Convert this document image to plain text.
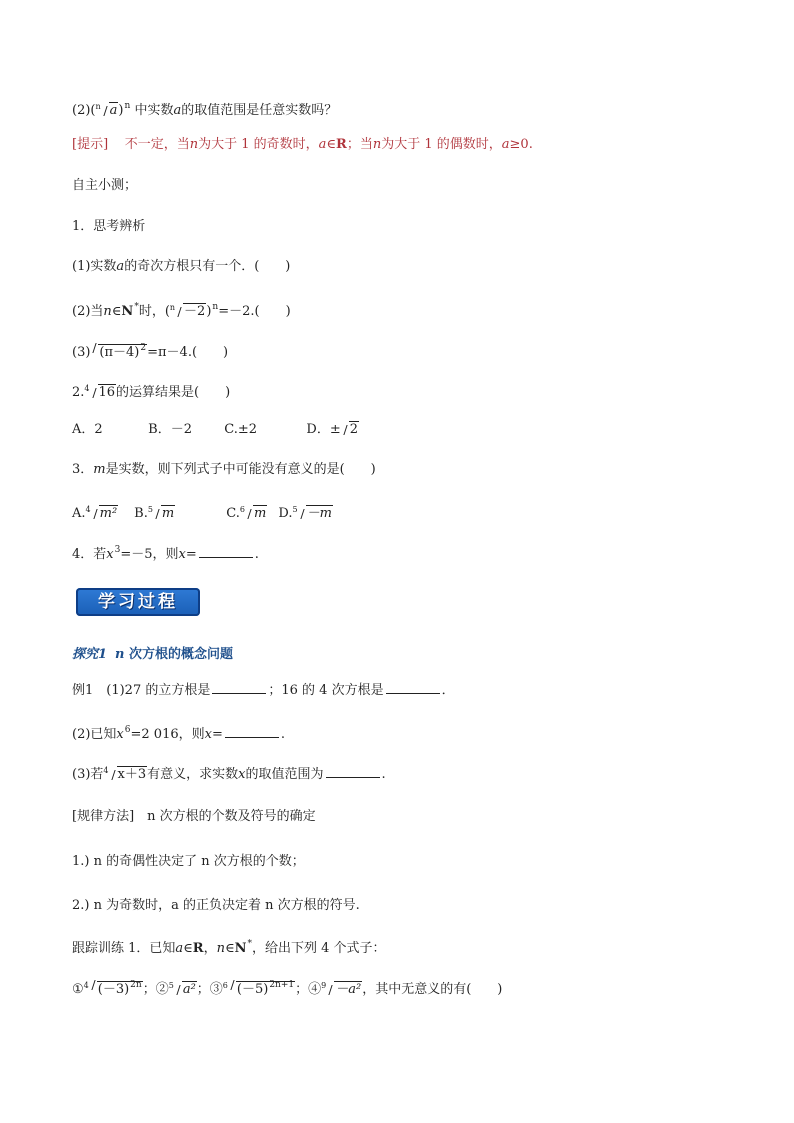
(2)($^n$ a)$^n$ 中实数a的取值范围是任意实数吗？
[提示] 不一定，当n为大于 1 的奇数时，a∈R；当n为大于 1 的偶数时，a≥0.
自主小测；
1．思考辨析
(1)实数a的奇次方根只有一个．(　　)
(2)当n∈N*时，$(^n -2)^n=-2$.(　　)
(3) $(\pi-4)^2=\pi-4$.(　　)
2.$^4$ 16的运算结果是(　　)
A．2	B．－2 C.±2	D．± 2
3．m是实数，则下列式子中可能没有意义的是(　　)
A.$^4$ m² B.$^5$ m	C.$^6$ m D.$^5$ －m
4．若$x^3=-5$，则x=	.
学习过程
探究1 n 次方根的概念问题
例1　(1)27 的立方根是	；16 的 4 次方根是	．
(2)已知$x^6=2$ 016，则x=	.
(3)若$^4$ x＋3有意义，求实数x的取值范围为	.
[规律方法]　n 次方根的个数及符号的确定
1.) n 的奇偶性决定了 n 次方根的个数；
2.) n 为奇数时，a 的正负决定着 n 次方根的符号.
跟踪训练 1．已知a∈R，n∈N*，给出下列 4 个式子：
①$^4$ $(-3)^{2n}$；②$^5$ a²；③$^6$ $(-5)^{2n+1}$；④$^9$ －a²，其中无意义的有(　　)
